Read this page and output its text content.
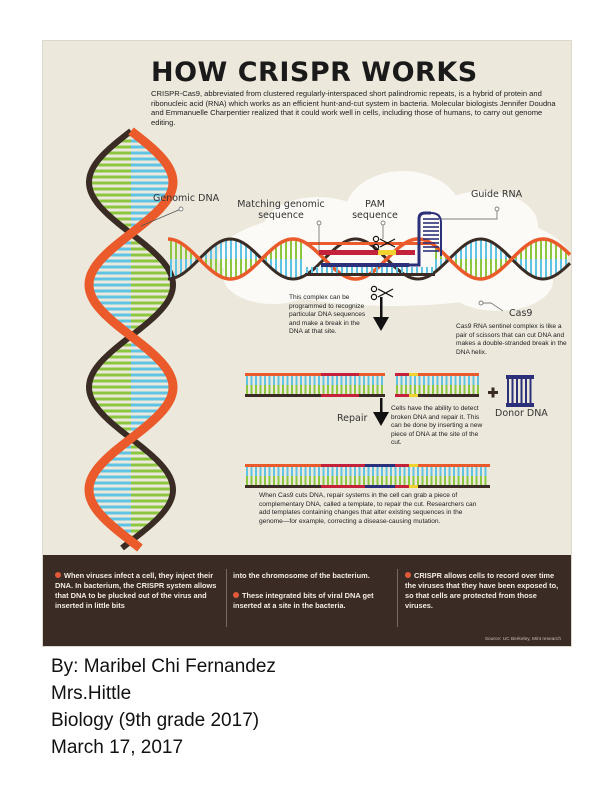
HOW CRISPR WORKS
CRISPR-Cas9, abbreviated from clustered regularly-interspaced short palindromic repeats, is a hybrid of protein and ribonucleic acid (RNA) which works as an efficient hunt-and-cut system in bacteria. Molecular biologists Jennifer Doudna and Emmanuelle Charpentier realized that it could work well in cells, including those of humans, to carry out genome editing.
Genomic DNA
Matching genomic
sequence
PAM
sequence
Guide RNA
Cas9
Repair	Donor DNA
This complex can be programmed to recognize particular DNA sequences and make a break in the DNA at that site.
Cas9 RNA sentinel complex is like a pair of scissors that can cut DNA and makes a double-stranded break in the DNA helix.
Cells have the ability to detect broken DNA and repair it. This can be done by inserting a new piece of DNA at the site of the cut.
When Cas9 cuts DNA, repair systems in the cell can grab a piece of complementary DNA, called a template, to repair the cut. Researchers can add templates containing changes that alter existing sequences in the genome—for example, correcting a disease-causing mutation.
When viruses infect a cell, they inject their DNA. In bacterium, the CRISPR system allows that DNA to be plucked out of the virus and inserted in little bits
into the chromosome of the bacterium.
These integrated bits of viral DNA get inserted at a site in the bacteria.
CRISPR allows cells to record over time the viruses that they have been exposed to, so that cells are protected from those viruses.
Source: UC Berkeley, Mint research
By: Maribel Chi Fernandez
Mrs.Hittle
Biology (9th grade 2017)
March 17, 2017
